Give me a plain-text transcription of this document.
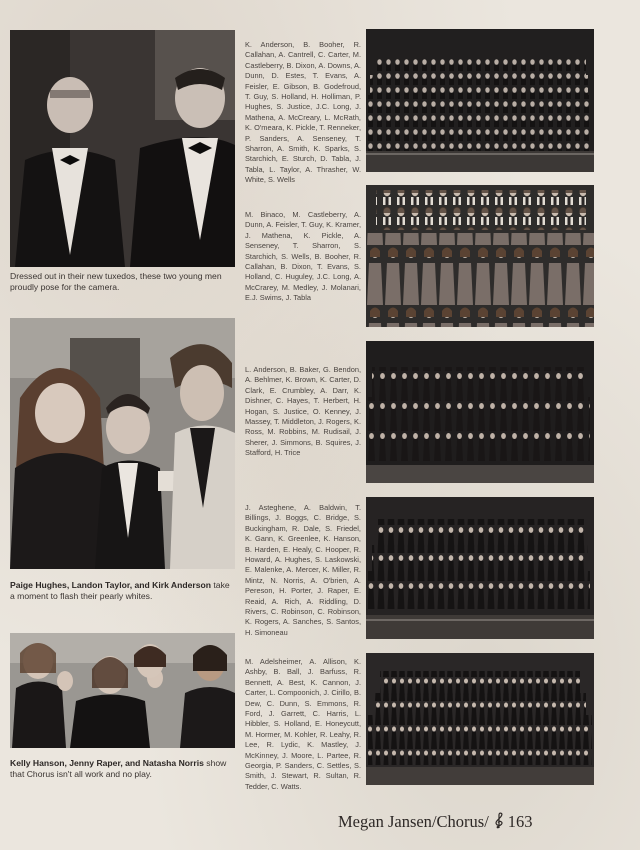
Dressed out in their new tuxedos, these two young men proudly pose for the camera.
Paige Hughes, Landon Taylor, and Kirk Anderson take a moment to flash their pearly whites.
Kelly Hanson, Jenny Raper, and Natasha Norris show that Chorus isn't all work and no play.
K. Anderson, B. Booher, R. Callahan, A. Cantrell, C. Carter, M. Castleberry, B. Dixon, A. Downs, A. Dunn, D. Estes, T. Evans, A. Feisler, E. Gibson, B. Godefroud, T. Guy, S. Holland, H. Holliman, P. Hughes, S. Justice, J.C. Long, J. Mathena, A. McCreary, L. McRath, K. O'meara, K. Pickle, T. Renneker, P. Sanders, A. Senseney, T. Sharron, A. Smith, K. Sparks, S. Starchich, E. Sturch, D. Tabla, J. Tabla, L. Taylor, A. Thrasher, W. White, S. Wells
M. Binaco, M. Castleberry, A. Dunn, A. Feisler, T. Guy, K. Kramer, J. Mathena, K. Pickle, A. Senseney, T. Sharron, S. Starchich, S. Wells, B. Booher, R. Callahan, B. Dixon, T. Evans, S. Holland, C. Huguley, J.C. Long, A. McCrarey, M. Medley, J. Molanari, E.J. Swims, J. Tabla
L. Anderson, B. Baker, G. Bendon, A. Behlmer, K. Brown, K. Carter, D. Clark, E. Crumbley, A. Darr, K. Dishner, C. Hayes, T. Herbert, H. Hogan, S. Justice, O. Kenney, J. Massey, T. Middleton, J. Rogers, K. Ross, M. Robbins, M. Rudisail, J. Sherer, J. Simmons, B. Squires, J. Stafford, H. Trice
J. Asteghene, A. Baldwin, T. Billings, J. Boggs, C. Bridge, S. Buckingham, R. Dale, S. Friedel, K. Gann, K. Greenlee, K. Hanson, B. Harden, E. Healy, C. Hooper, R. Howard, A. Hughes, S. Laskowski, E. Malenke, A. Mercer, K. Miller, R. Mintz, N. Norris, A. O'brien, A. Pereson, H. Porter, J. Raper, E. Reaid, A. Rich, A. Riddling, D. Rivers, C. Robinson, C. Robinson, K. Rogers, A. Sanches, S. Santos, H. Simoneau
M. Adelsheimer, A. Allison, K. Ashby, B. Ball, J. Barfuss, R. Bennett, A. Best, K. Cannon, J. Carter, L. Compoonich, J. Cirillo, B. Dew, C. Dunn, S. Emmons, R. Ford, J. Garrett, C. Harris, L. Hibbler, S. Holland, E. Honeycutt, M. Hormer, M. Kohler, R. Leahy, R. Lee, R. Lydic, K. Mastley, J. McKinney, J. Moore, L. Partee, R. Georgia, P. Sanders, C. Settles, S. Smith, J. Stewart, R. Sultan, R. Tedder, C. Watts.
Megan Jansen/Chorus/ 163
